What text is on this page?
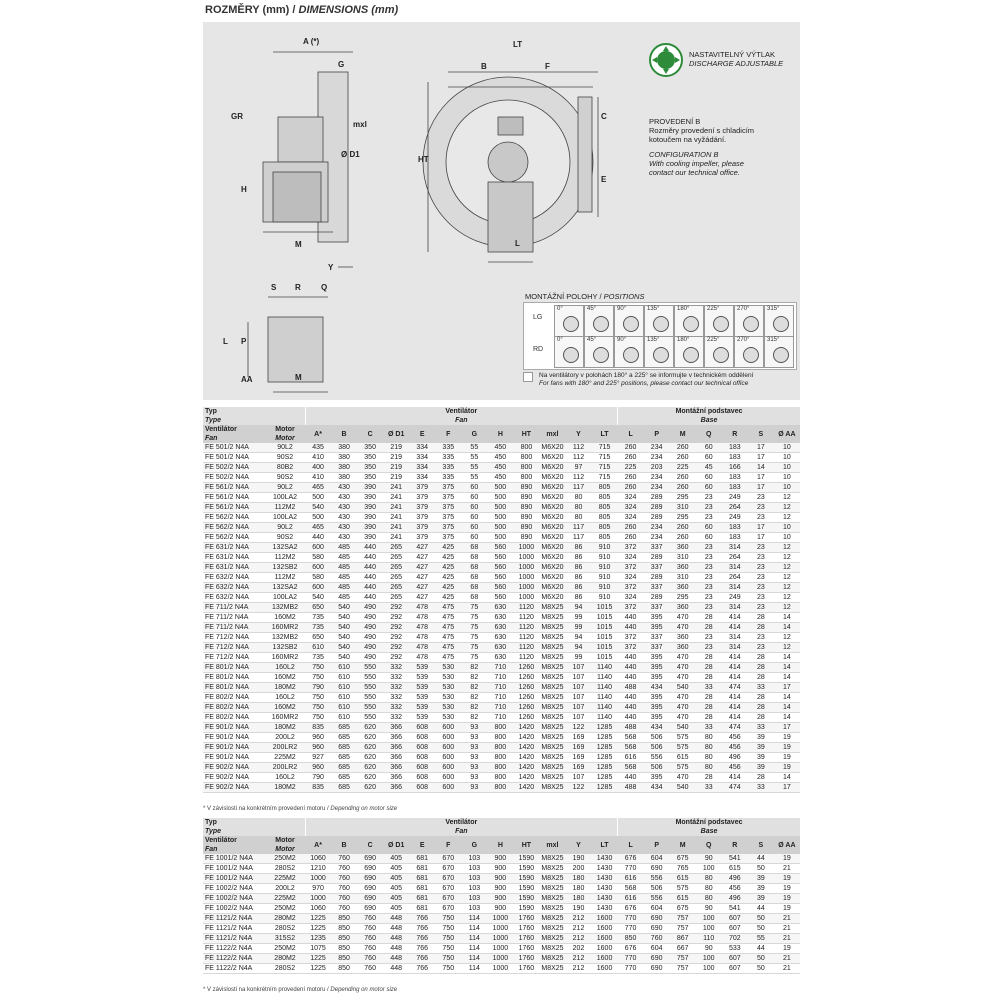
ROZMĚRY (mm) / DIMENSIONS (mm)
A (*)
G
GR
mxl
Ø D1
H
M
Y
LT
B	F
C
HT
E
L
S R	Q
P
L
AA	M
NASTAVITELNÝ VÝTLAK
DISCHARGE ADJUSTABLE
PROVEDENÍ B
Rozměry provedení s chladicím
kotoučem na vyžádání.
CONFIGURATION B
With cooling impeller, please
contact our technical office.
MONTÁŽNÍ POLOHY / POSITIONS
LG
RD
0°	45°	90°	135°	180°	225°	270°	315°
0°	45°	90°	135°	180°	225°	270°	315°
Na ventilátory v polohách 180° a 225° se informujte v technickém oddělení
For fans with 180° and 225° positions, please contact our technical office
Typ
Type		Ventilátor
Fan												Montážní podstavec
Base						
Ventilátor
Fan	Motor
Motor	A*	B	C	Ø D1	E	F	G	H	HT	mxl	Y	LT	L	P	M	Q	R	S	Ø AA
FE 501/2 N4A	90L2	435	380	350	219	334	335	55	450	800	M6X20	112	715	260	234	260	60	183	17	10
FE 501/2 N4A	90S2	410	380	350	219	334	335	55	450	800	M6X20	112	715	260	234	260	60	183	17	10
FE 502/2 N4A	80B2	400	380	350	219	334	335	55	450	800	M6X20	97	715	225	203	225	45	166	14	10
FE 502/2 N4A	90S2	410	380	350	219	334	335	55	450	800	M6X20	112	715	260	234	260	60	183	17	10
FE 561/2 N4A	90L2	465	430	390	241	379	375	60	500	890	M6X20	117	805	260	234	260	60	183	17	10
FE 561/2 N4A	100LA2	500	430	390	241	379	375	60	500	890	M6X20	80	805	324	289	295	23	249	23	12
FE 561/2 N4A	112M2	540	430	390	241	379	375	60	500	890	M6X20	80	805	324	289	310	23	264	23	12
FE 562/2 N4A	100LA2	500	430	390	241	379	375	60	500	890	M6X20	80	805	324	289	295	23	249	23	12
FE 562/2 N4A	90L2	465	430	390	241	379	375	60	500	890	M6X20	117	805	260	234	260	60	183	17	10
FE 562/2 N4A	90S2	440	430	390	241	379	375	60	500	890	M6X20	117	805	260	234	260	60	183	17	10
FE 631/2 N4A	132SA2	600	485	440	265	427	425	68	560	1000	M6X20	86	910	372	337	360	23	314	23	12
FE 631/2 N4A	112M2	580	485	440	265	427	425	68	560	1000	M6X20	86	910	324	289	310	23	264	23	12
FE 631/2 N4A	132SB2	600	485	440	265	427	425	68	560	1000	M6X20	86	910	372	337	360	23	314	23	12
FE 632/2 N4A	112M2	580	485	440	265	427	425	68	560	1000	M6X20	86	910	324	289	310	23	264	23	12
FE 632/2 N4A	132SA2	600	485	440	265	427	425	68	560	1000	M6X20	86	910	372	337	360	23	314	23	12
FE 632/2 N4A	100LA2	540	485	440	265	427	425	68	560	1000	M6X20	86	910	324	289	295	23	249	23	12
FE 711/2 N4A	132MB2	650	540	490	292	478	475	75	630	1120	M8X25	94	1015	372	337	360	23	314	23	12
FE 711/2 N4A	160M2	735	540	490	292	478	475	75	630	1120	M8X25	99	1015	440	395	470	28	414	28	14
FE 711/2 N4A	160MR2	735	540	490	292	478	475	75	630	1120	M8X25	99	1015	440	395	470	28	414	28	14
FE 712/2 N4A	132MB2	650	540	490	292	478	475	75	630	1120	M8X25	94	1015	372	337	360	23	314	23	12
FE 712/2 N4A	132SB2	610	540	490	292	478	475	75	630	1120	M8X25	94	1015	372	337	360	23	314	23	12
FE 712/2 N4A	160MR2	735	540	490	292	478	475	75	630	1120	M8X25	99	1015	440	395	470	28	414	28	14
FE 801/2 N4A	160L2	750	610	550	332	539	530	82	710	1260	M8X25	107	1140	440	395	470	28	414	28	14
FE 801/2 N4A	160M2	750	610	550	332	539	530	82	710	1260	M8X25	107	1140	440	395	470	28	414	28	14
FE 801/2 N4A	180M2	790	610	550	332	539	530	82	710	1260	M8X25	107	1140	488	434	540	33	474	33	17
FE 802/2 N4A	160L2	750	610	550	332	539	530	82	710	1260	M8X25	107	1140	440	395	470	28	414	28	14
FE 802/2 N4A	160M2	750	610	550	332	539	530	82	710	1260	M8X25	107	1140	440	395	470	28	414	28	14
FE 802/2 N4A	160MR2	750	610	550	332	539	530	82	710	1260	M8X25	107	1140	440	395	470	28	414	28	14
FE 901/2 N4A	180M2	835	685	620	366	608	600	93	800	1420	M8X25	122	1285	488	434	540	33	474	33	17
FE 901/2 N4A	200L2	960	685	620	366	608	600	93	800	1420	M8X25	169	1285	568	506	575	80	456	39	19
FE 901/2 N4A	200LR2	960	685	620	366	608	600	93	800	1420	M8X25	169	1285	568	506	575	80	456	39	19
FE 901/2 N4A	225M2	927	685	620	366	608	600	93	800	1420	M8X25	169	1285	616	556	615	80	496	39	19
FE 902/2 N4A	200LR2	960	685	620	366	608	600	93	800	1420	M8X25	169	1285	568	506	575	80	456	39	19
FE 902/2 N4A	160L2	790	685	620	366	608	600	93	800	1420	M8X25	107	1285	440	395	470	28	414	28	14
FE 902/2 N4A	180M2	835	685	620	366	608	600	93	800	1420	M8X25	122	1285	488	434	540	33	474	33	17
* V závislosti na konkrétním provedení motoru / Depending on motor size
Typ
Type		Ventilátor
Fan												Montážní podstavec
Base						
Ventilátor
Fan	Motor
Motor	A*	B	C	Ø D1	E	F	G	H	HT	mxl	Y	LT	L	P	M	Q	R	S	Ø AA
FE 1001/2 N4A	250M2	1060	760	690	405	681	670	103	900	1590	M8X25	190	1430	676	604	675	90	541	44	19
FE 1001/2 N4A	280S2	1210	760	690	405	681	670	103	900	1590	M8X25	200	1430	770	690	765	100	615	50	21
FE 1001/2 N4A	225M2	1000	760	690	405	681	670	103	900	1590	M8X25	180	1430	616	556	615	80	496	39	19
FE 1002/2 N4A	200L2	970	760	690	405	681	670	103	900	1590	M8X25	180	1430	568	506	575	80	456	39	19
FE 1002/2 N4A	225M2	1000	760	690	405	681	670	103	900	1590	M8X25	180	1430	616	556	615	80	496	39	19
FE 1002/2 N4A	250M2	1060	760	690	405	681	670	103	900	1590	M8X25	190	1430	676	604	675	90	541	44	19
FE 1121/2 N4A	280M2	1225	850	760	448	766	750	114	1000	1760	M8X25	212	1600	770	690	757	100	607	50	21
FE 1121/2 N4A	280S2	1225	850	760	448	766	750	114	1000	1760	M8X25	212	1600	770	690	757	100	607	50	21
FE 1121/2 N4A	315S2	1235	850	760	448	766	750	114	1000	1760	M8X25	212	1600	850	760	867	110	702	55	21
FE 1122/2 N4A	250M2	1075	850	760	448	766	750	114	1000	1760	M8X25	202	1600	676	604	667	90	533	44	19
FE 1122/2 N4A	280M2	1225	850	760	448	766	750	114	1000	1760	M8X25	212	1600	770	690	757	100	607	50	21
FE 1122/2 N4A	280S2	1225	850	760	448	766	750	114	1000	1760	M8X25	212	1600	770	690	757	100	607	50	21
* V závislosti na konkrétním provedení motoru / Depending on motor size
